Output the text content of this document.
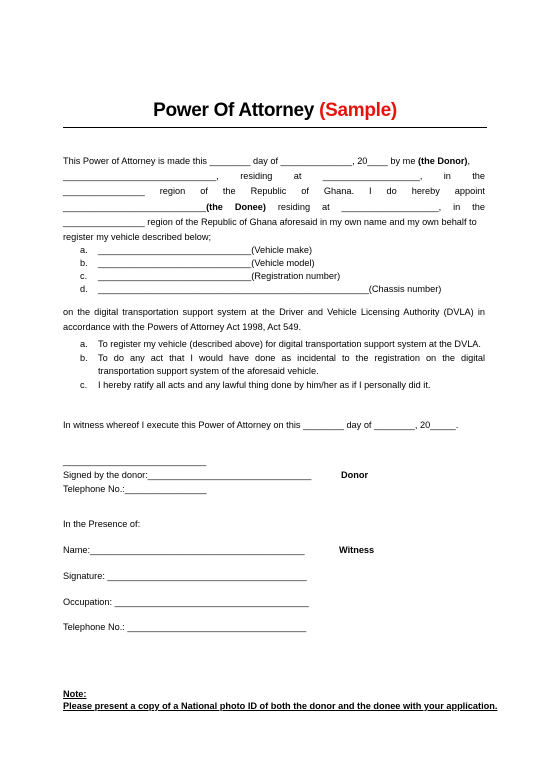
Power Of Attorney (Sample)
This Power of Attorney is made this ________ day of ______________, 20____ by me (the Donor),
______________________________, residing at ___________________, in the
________________ region of the Republic of Ghana. I do hereby appoint
____________________________(the Donee) residing at ___________________, in the
________________ region of the Republic of Ghana aforesaid in my own name and my own behalf to
register my vehicle described below;
a.	______________________________(Vehicle make)
b.	______________________________(Vehicle model)
c.	______________________________(Registration number)
d.	_____________________________________________________(Chassis number)
on the digital transportation support system at the Driver and Vehicle Licensing Authority (DVLA) in
accordance with the Powers of Attorney Act 1998, Act 549.
a.	To register my vehicle (described above) for digital transportation support system at the DVLA.
b.	To do any act that I would have done as incidental to the registration on the digital transportation support system of the aforesaid vehicle.
c.	I hereby ratify all acts and any lawful thing done by him/her as if I personally did it.
In witness whereof I execute this Power of Attorney on this ________ day of ________, 20_____.
____________________________
Signed by the donor:________________________________	Donor
Telephone No.:________________
In the Presence of:
Name:__________________________________________	Witness
Signature: _______________________________________
Occupation: ______________________________________
Telephone No.: ___________________________________
Note:
Please present a copy of a National photo ID of both the donor and the donee with your application.
